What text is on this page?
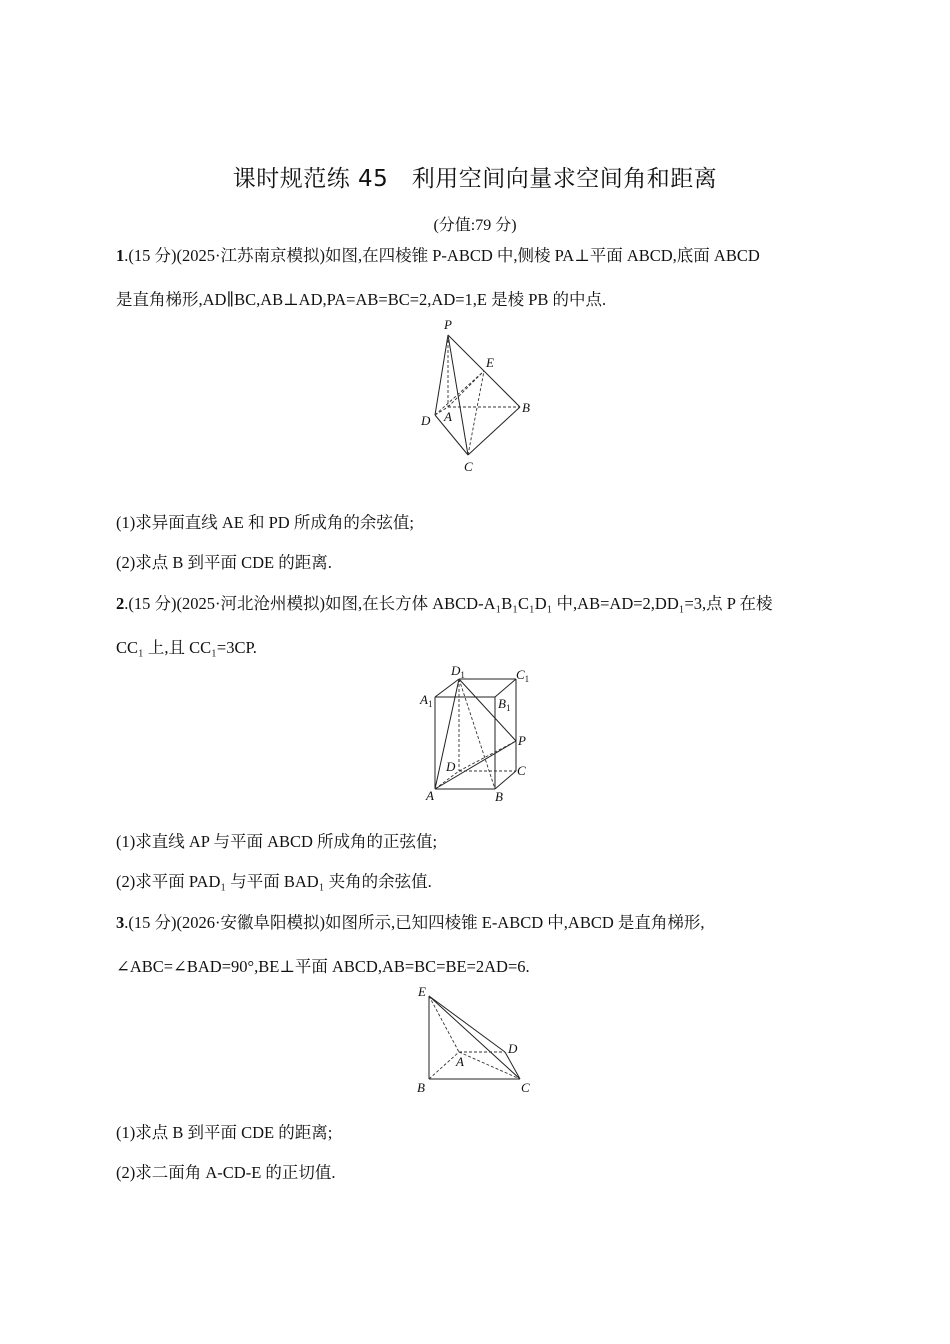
课时规范练 45　利用空间向量求空间角和距离
(分值:79 分)
1.(15 分)(2025·江苏南京模拟)如图,在四棱锥 P-ABCD 中,侧棱 PA⊥平面 ABCD,底面 ABCD
是直角梯形,AD∥BC,AB⊥AD,PA=AB=BC=2,AD=1,E 是棱 PB 的中点.
P
E
A
B
C
D
(1)求异面直线 AE 和 PD 所成角的余弦值;
(2)求点 B 到平面 CDE 的距离.
2.(15 分)(2025·河北沧州模拟)如图,在长方体 ABCD-A₁B₁C₁D₁ 中,AB=AD=2,DD₁=3,点 P 在棱
CC₁ 上,且 CC₁=3CP.
$D_1$	$C_1$
$A_1$	$B_1$
P
D	C
A	B
(1)求直线 AP 与平面 ABCD 所成角的正弦值;
(2)求平面 PAD₁ 与平面 BAD₁ 夹角的余弦值.
3.(15 分)(2026·安徽阜阳模拟)如图所示,已知四棱锥 E-ABCD 中,ABCD 是直角梯形,
∠ABC=∠BAD=90°,BE⊥平面 ABCD,AB=BC=BE=2AD=6.
E
A
D
B	C
(1)求点 B 到平面 CDE 的距离;
(2)求二面角 A-CD-E 的正切值.
